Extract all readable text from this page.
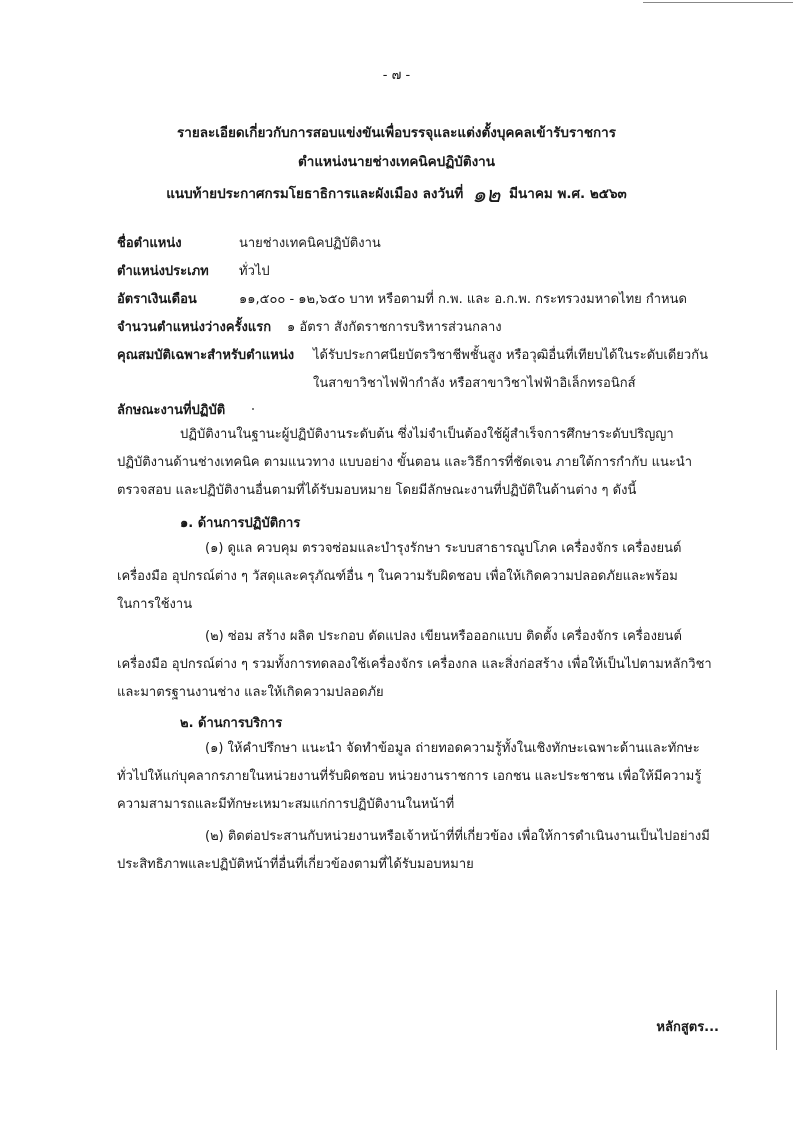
- ๗ -
รายละเอียดเกี่ยวกับการสอบแข่งขันเพื่อบรรจุและแต่งตั้งบุคคลเข้ารับราชการ
ตำแหน่งนายช่างเทคนิคปฏิบัติงาน
แนบท้ายประกาศกรมโยธาธิการและผังเมือง ลงวันที่ ๑๒ มีนาคม พ.ศ. ๒๕๖๓
ชื่อตำแหน่ง	นายช่างเทคนิคปฏิบัติงาน
ตำแหน่งประเภท ทั่วไป
อัตราเงินเดือน	๑๑,๕๐๐ - ๑๒,๖๕๐ บาท หรือตามที่ ก.พ. และ อ.ก.พ. กระทรวงมหาดไทย กำหนด
จำนวนตำแหน่งว่างครั้งแรก ๑ อัตรา สังกัดราชการบริหารส่วนกลาง
คุณสมบัติเฉพาะสำหรับตำแหน่ง ได้รับประกาศนียบัตรวิชาชีพชั้นสูง หรือวุฒิอื่นที่เทียบได้ในระดับเดียวกัน
ในสาขาวิชาไฟฟ้ากำลัง หรือสาขาวิชาไฟฟ้าอิเล็กทรอนิกส์
ลักษณะงานที่ปฏิบัติ
ปฏิบัติงานในฐานะผู้ปฏิบัติงานระดับต้น ซึ่งไม่จำเป็นต้องใช้ผู้สำเร็จการศึกษาระดับปริญญา
ปฏิบัติงานด้านช่างเทคนิค ตามแนวทาง แบบอย่าง ขั้นตอน และวิธีการที่ชัดเจน ภายใต้การกำกับ แนะนำ
ตรวจสอบ และปฏิบัติงานอื่นตามที่ได้รับมอบหมาย โดยมีลักษณะงานที่ปฏิบัติในด้านต่าง ๆ ดังนี้
๑. ด้านการปฏิบัติการ
(๑) ดูแล ควบคุม ตรวจซ่อมและบำรุงรักษา ระบบสาธารณูปโภค เครื่องจักร เครื่องยนต์
เครื่องมือ อุปกรณ์ต่าง ๆ วัสดุและครุภัณฑ์อื่น ๆ ในความรับผิดชอบ เพื่อให้เกิดความปลอดภัยและพร้อม
ในการใช้งาน
(๒) ซ่อม สร้าง ผลิต ประกอบ ดัดแปลง เขียนหรือออกแบบ ติดตั้ง เครื่องจักร เครื่องยนต์
เครื่องมือ อุปกรณ์ต่าง ๆ รวมทั้งการทดลองใช้เครื่องจักร เครื่องกล และสิ่งก่อสร้าง เพื่อให้เป็นไปตามหลักวิชา
และมาตรฐานงานช่าง และให้เกิดความปลอดภัย
๒. ด้านการบริการ
(๑) ให้คำปรึกษา แนะนำ จัดทำข้อมูล ถ่ายทอดความรู้ทั้งในเชิงทักษะเฉพาะด้านและทักษะ
ทั่วไปให้แก่บุคลากรภายในหน่วยงานที่รับผิดชอบ หน่วยงานราชการ เอกชน และประชาชน เพื่อให้มีความรู้
ความสามารถและมีทักษะเหมาะสมแก่การปฏิบัติงานในหน้าที่
(๒) ติดต่อประสานกับหน่วยงานหรือเจ้าหน้าที่ที่เกี่ยวข้อง เพื่อให้การดำเนินงานเป็นไปอย่างมี
ประสิทธิภาพและปฏิบัติหน้าที่อื่นที่เกี่ยวข้องตามที่ได้รับมอบหมาย
หลักสูตร...
